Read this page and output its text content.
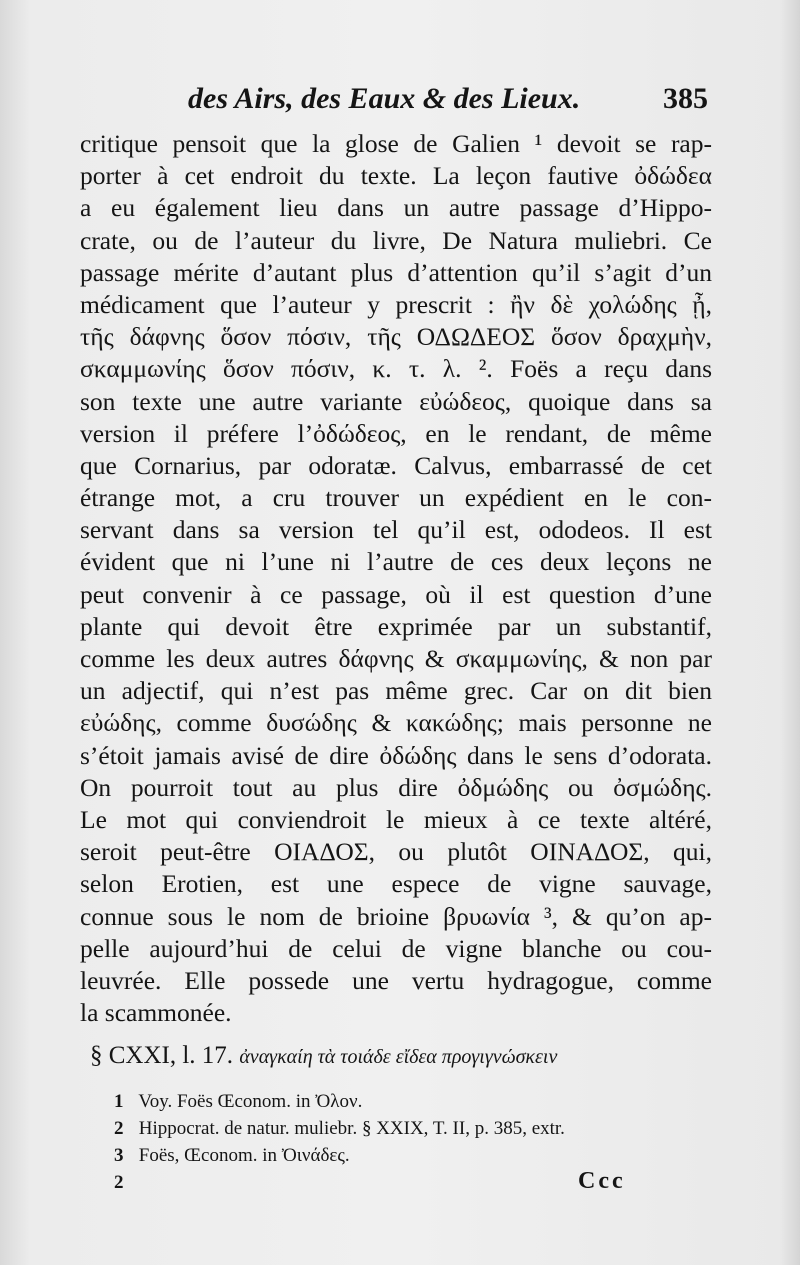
des Airs, des Eaux & des Lieux.	385
critique pensoit que la glose de Galien ¹ devoit se rap-
porter à cet endroit du texte. La leçon fautive ὀδώδεα
a eu également lieu dans un autre passage d’Hippo-
crate, ou de l’auteur du livre, De Natura muliebri. Ce
passage mérite d’autant plus d’attention qu’il s’agit d’un
médicament que l’auteur y prescrit : ἢν δὲ χολώδης ᾖ,
τῆς δάφνης ὅσον πόσιν, τῆς ΟΔΩΔΕΟΣ ὅσον δραχμὴν,
σκαμμωνίης ὅσον πόσιν, κ. τ. λ. ². Foës a reçu dans
son texte une autre variante εὐώδεος, quoique dans sa
version il préfere l’ὀδώδεος, en le rendant, de même
que Cornarius, par odoratæ. Calvus, embarrassé de cet
étrange mot, a cru trouver un expédient en le con-
servant dans sa version tel qu’il est, ododeos. Il est
évident que ni l’une ni l’autre de ces deux leçons ne
peut convenir à ce passage, où il est question d’une
plante qui devoit être exprimée par un substantif,
comme les deux autres δάφνης & σκαμμωνίης, & non par
un adjectif, qui n’est pas même grec. Car on dit bien
εὐώδης, comme δυσώδης & κακώδης; mais personne ne
s’étoit jamais avisé de dire ὀδώδης dans le sens d’odorata.
On pourroit tout au plus dire ὀδμώδης ou ὀσμώδης.
Le mot qui conviendroit le mieux à ce texte altéré,
seroit peut-être ΟΙΑΔΟΣ, ou plutôt ΟΙΝΑΔΟΣ, qui,
selon Erotien, est une espece de vigne sauvage,
connue sous le nom de brioine βρυωνία ³, & qu’on ap-
pelle aujourd’hui de celui de vigne blanche ou cou-
leuvrée. Elle possede une vertu hydragogue, comme
la scammonée.
§ CXXI, l. 17. ἀναγκαίη τὰ τοιάδε εἴδεα προγιγνώσκειν
1 Voy. Foës Œconom. in Ὀλον.
2 Hippocrat. de natur. muliebr. § XXIX, T. II, p. 385, extr.
3 Foës, Œconom. in Ὀινάδες.
2	Ccc
